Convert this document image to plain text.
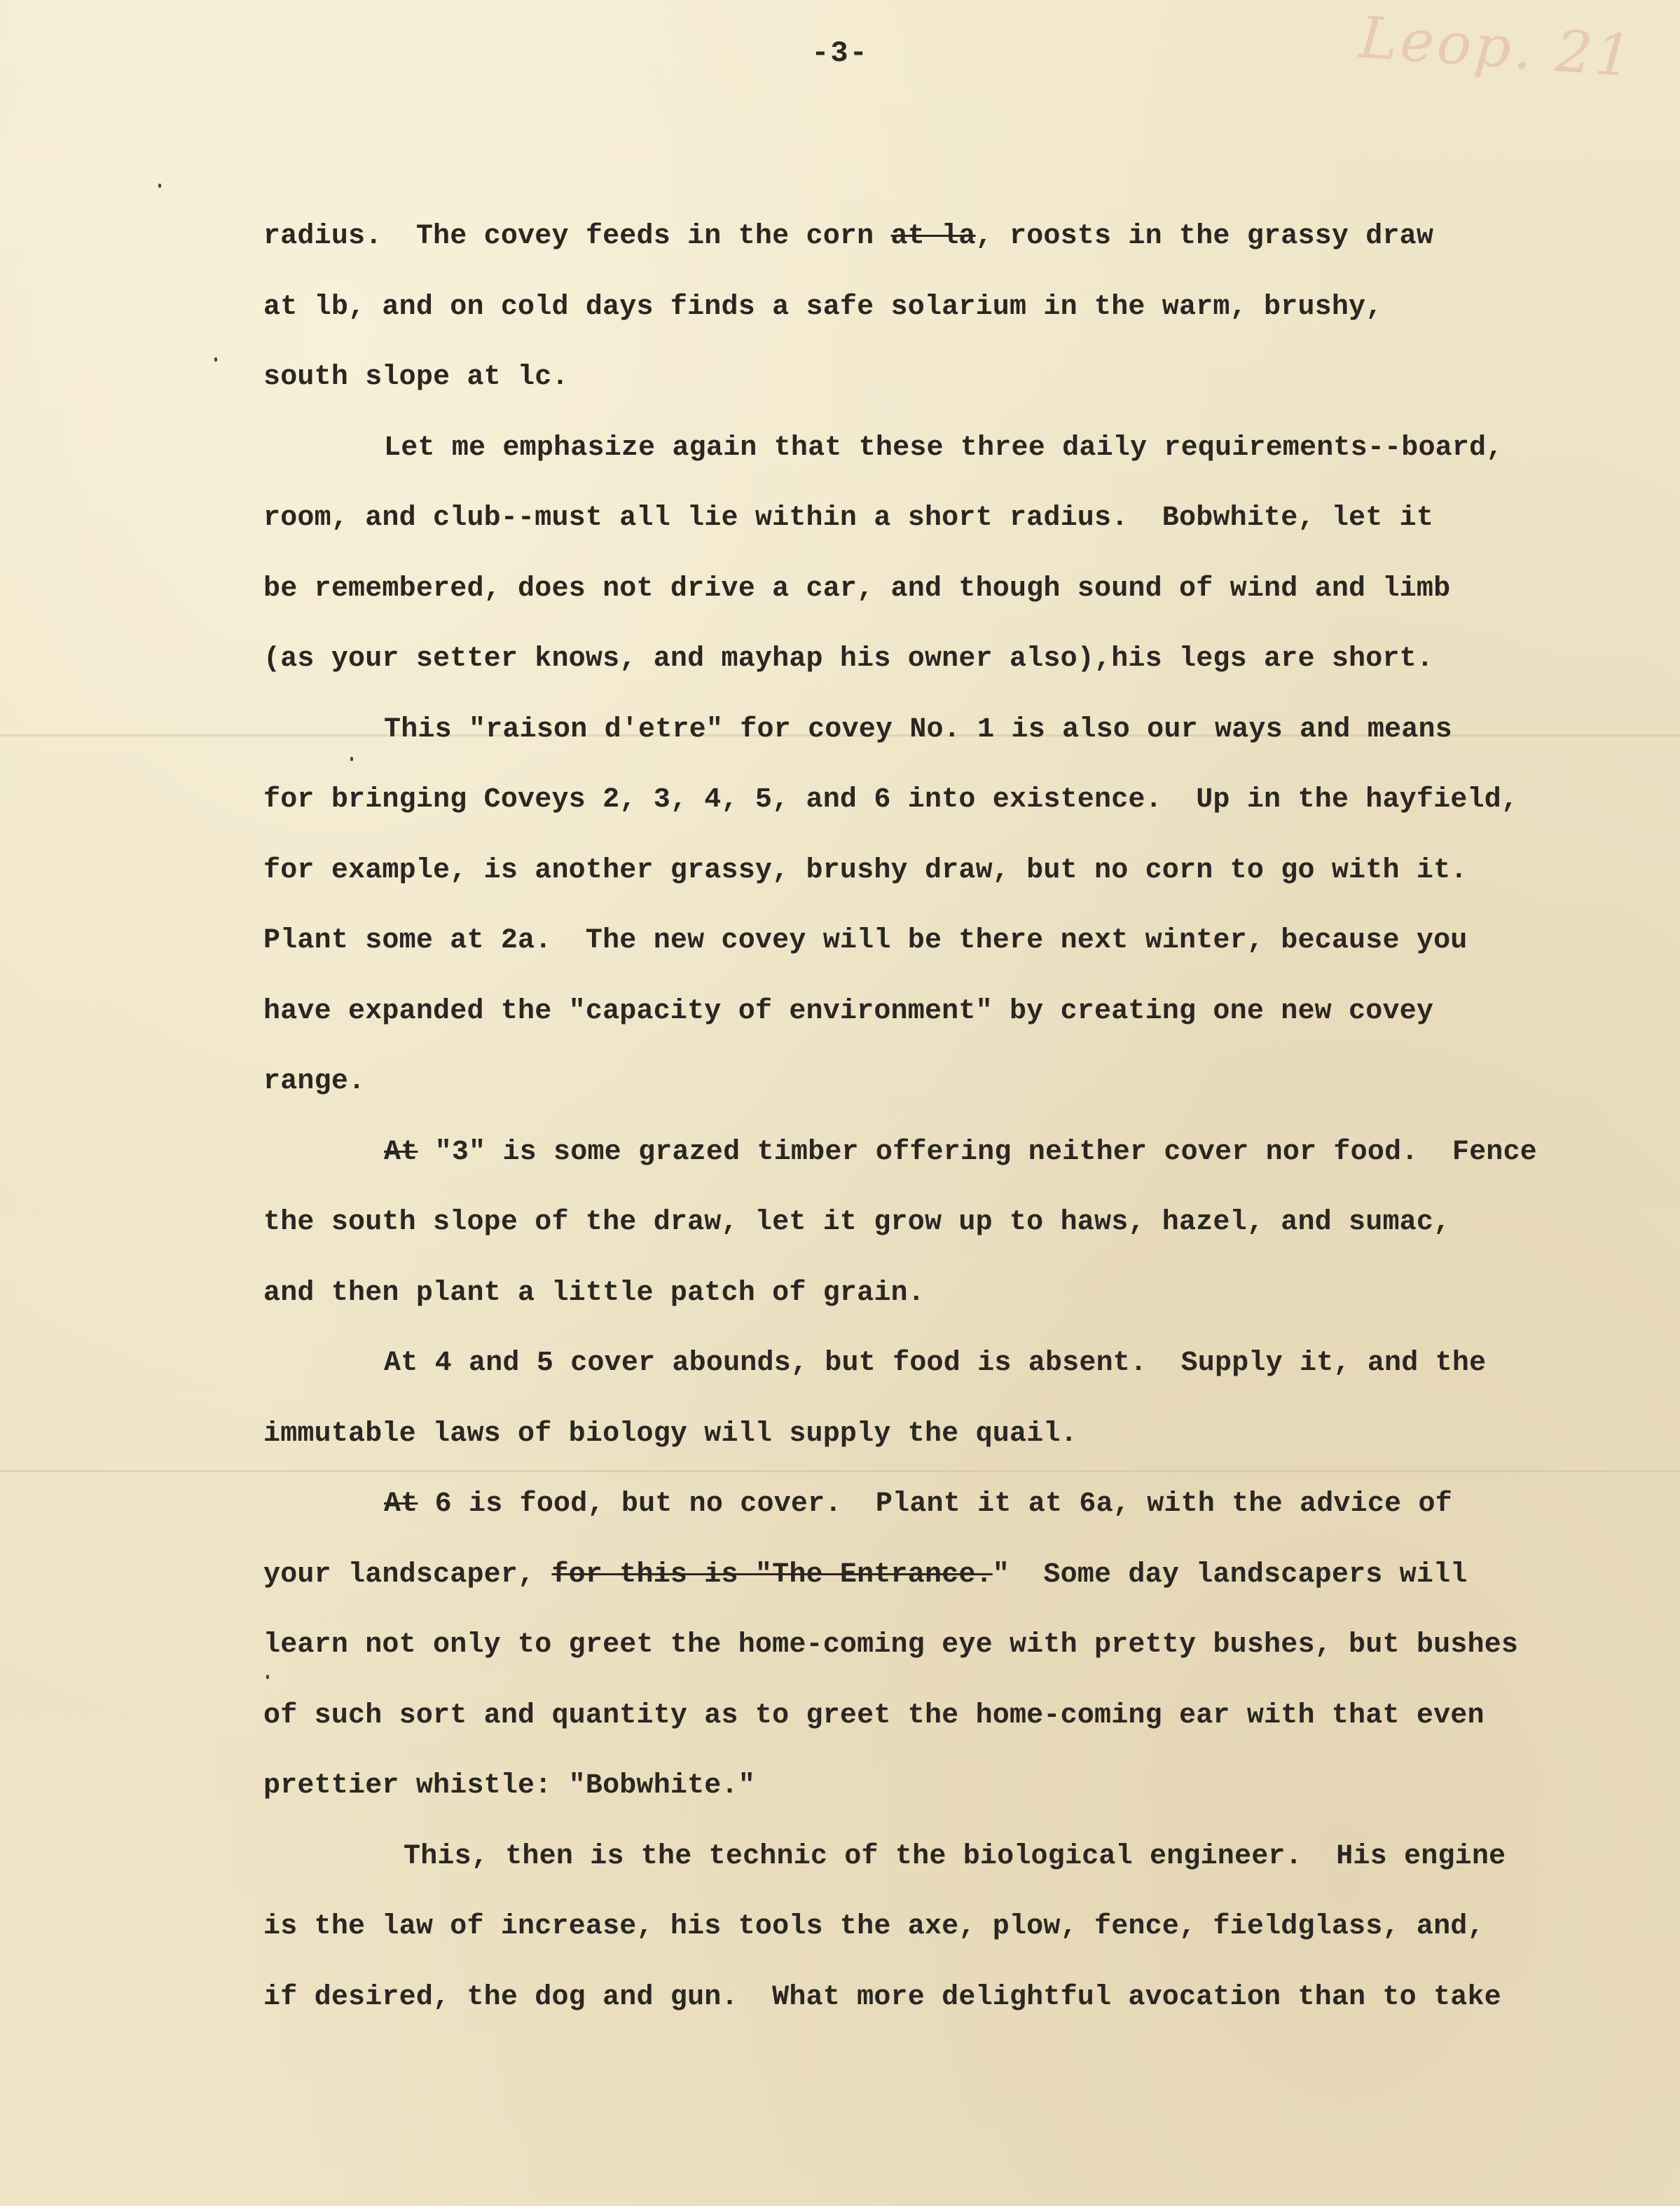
-3-	Leop. 21
radius.  The covey feeds in the corn at la, roosts in the grassy draw
at lb, and on cold days finds a safe solarium in the warm, brushy,
south slope at lc.
Let me emphasize again that these three daily requirements--board,
room, and club--must all lie within a short radius.  Bobwhite, let it
be remembered, does not drive a car, and though sound of wind and limb
(as your setter knows, and mayhap his owner also),his legs are short.
This "raison d'etre" for covey No. 1 is also our ways and means
for bringing Coveys 2, 3, 4, 5, and 6 into existence.  Up in the hayfield,
for example, is another grassy, brushy draw, but no corn to go with it.
Plant some at 2a.  The new covey will be there next winter, because you
have expanded the "capacity of environment" by creating one new covey
range.
At "3" is some grazed timber offering neither cover nor food.  Fence
the south slope of the draw, let it grow up to haws, hazel, and sumac,
and then plant a little patch of grain.
At 4 and 5 cover abounds, but food is absent.  Supply it, and the
immutable laws of biology will supply the quail.
At 6 is food, but no cover.  Plant it at 6a, with the advice of
your landscaper, for this is "The Entrance."  Some day landscapers will
learn not only to greet the home-coming eye with pretty bushes, but bushes
of such sort and quantity as to greet the home-coming ear with that even
prettier whistle: "Bobwhite."
This, then is the technic of the biological engineer.  His engine
is the law of increase, his tools the axe, plow, fence, fieldglass, and,
if desired, the dog and gun.  What more delightful avocation than to take
